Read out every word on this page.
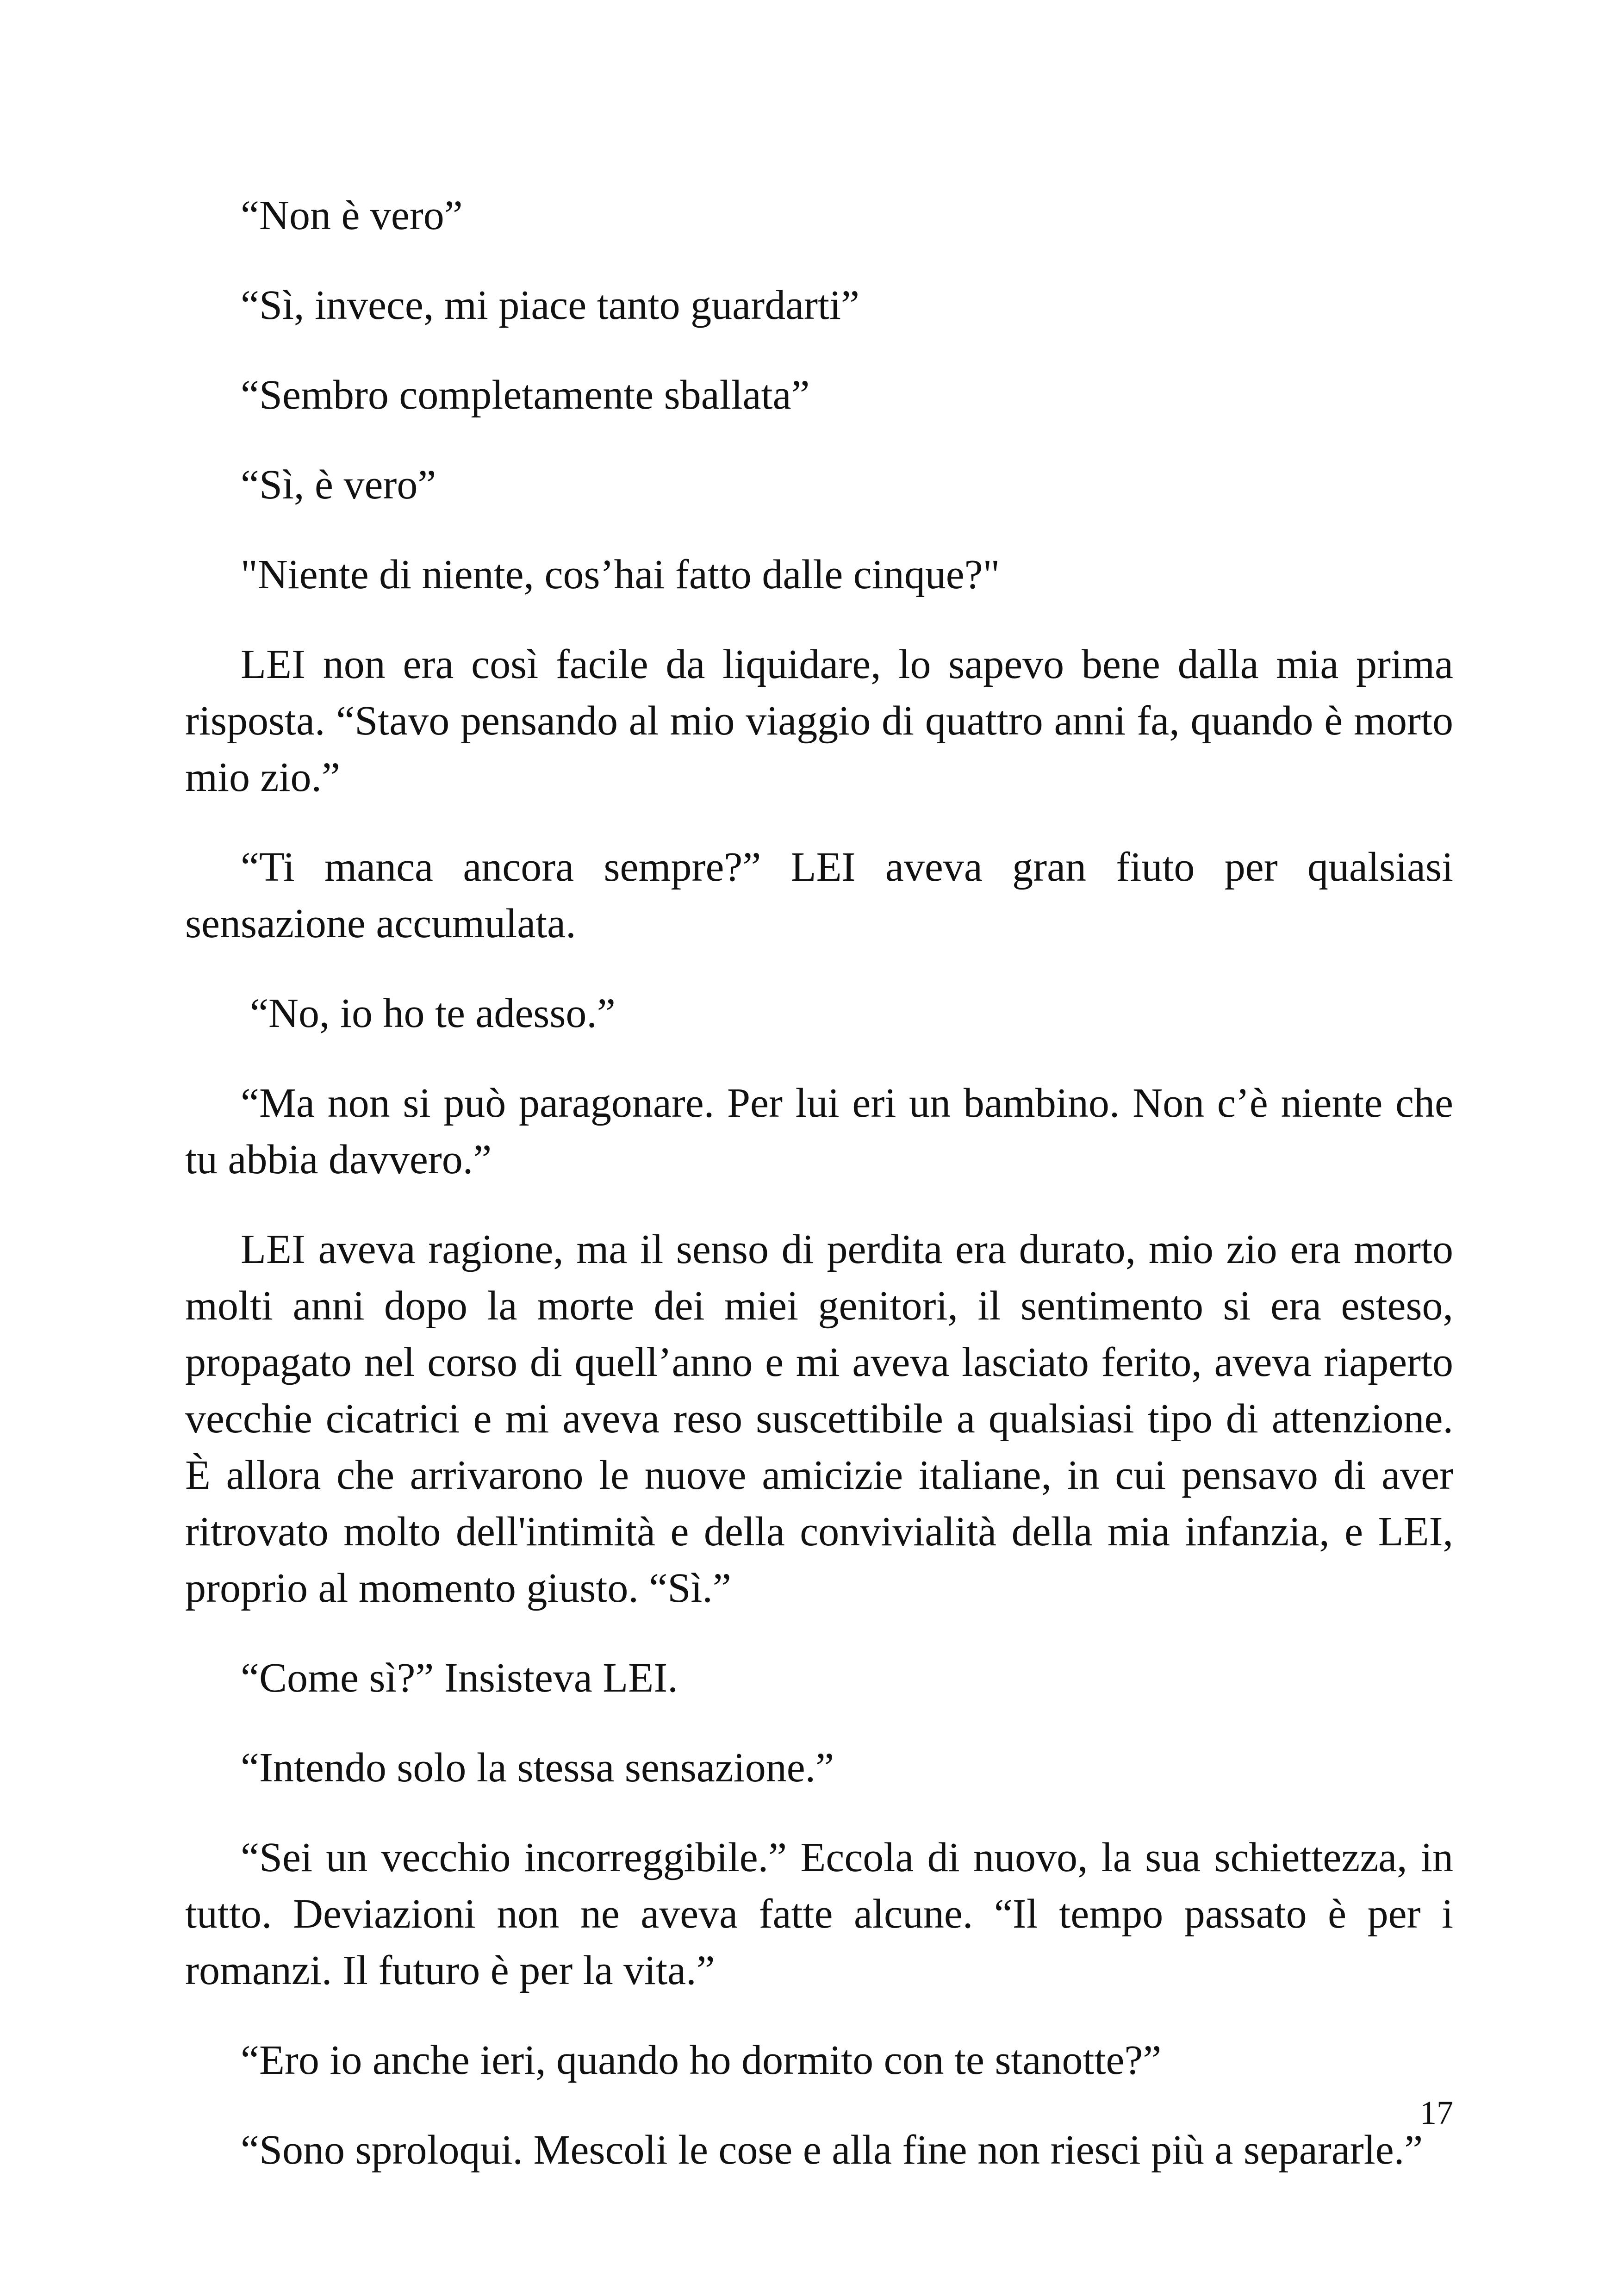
“Non è vero”

“Sì, invece, mi piace tanto guardarti”

“Sembro completamente sballata”

“Sì, è vero”

"Niente di niente, cos’hai fatto dalle cinque?"

LEI non era così facile da liquidare, lo sapevo bene dalla mia prima risposta. “Stavo pensando al mio viaggio di quattro anni fa, quando è morto mio zio.”

“Ti manca ancora sempre?” LEI aveva gran fiuto per qualsiasi sensazione accumulata.

“No, io ho te adesso.”

“Ma non si può paragonare. Per lui eri un bambino. Non c’è niente che tu abbia davvero.”

LEI aveva ragione, ma il senso di perdita era durato, mio zio era morto molti anni dopo la morte dei miei genitori, il sentimento si era esteso, propagato nel corso di quell’anno e mi aveva lasciato ferito, aveva riaperto vecchie cicatrici e mi aveva reso suscettibile a qualsiasi tipo di attenzione. È allora che arrivarono le nuove amicizie italiane, in cui pensavo di aver ritrovato molto dell'intimità e della convivialità della mia infanzia, e LEI, proprio al momento giusto. “Sì.”

“Come sì?” Insisteva LEI.

“Intendo solo la stessa sensazione.”

“Sei un vecchio incorreggibile.” Eccola di nuovo, la sua schiettezza, in tutto. Deviazioni non ne aveva fatte alcune. “Il tempo passato è per i romanzi. Il futuro è per la vita.”

“Ero io anche ieri, quando ho dormito con te stanotte?”

“Sono sproloqui. Mescoli le cose e alla fine non riesci più a separarle.”

17
